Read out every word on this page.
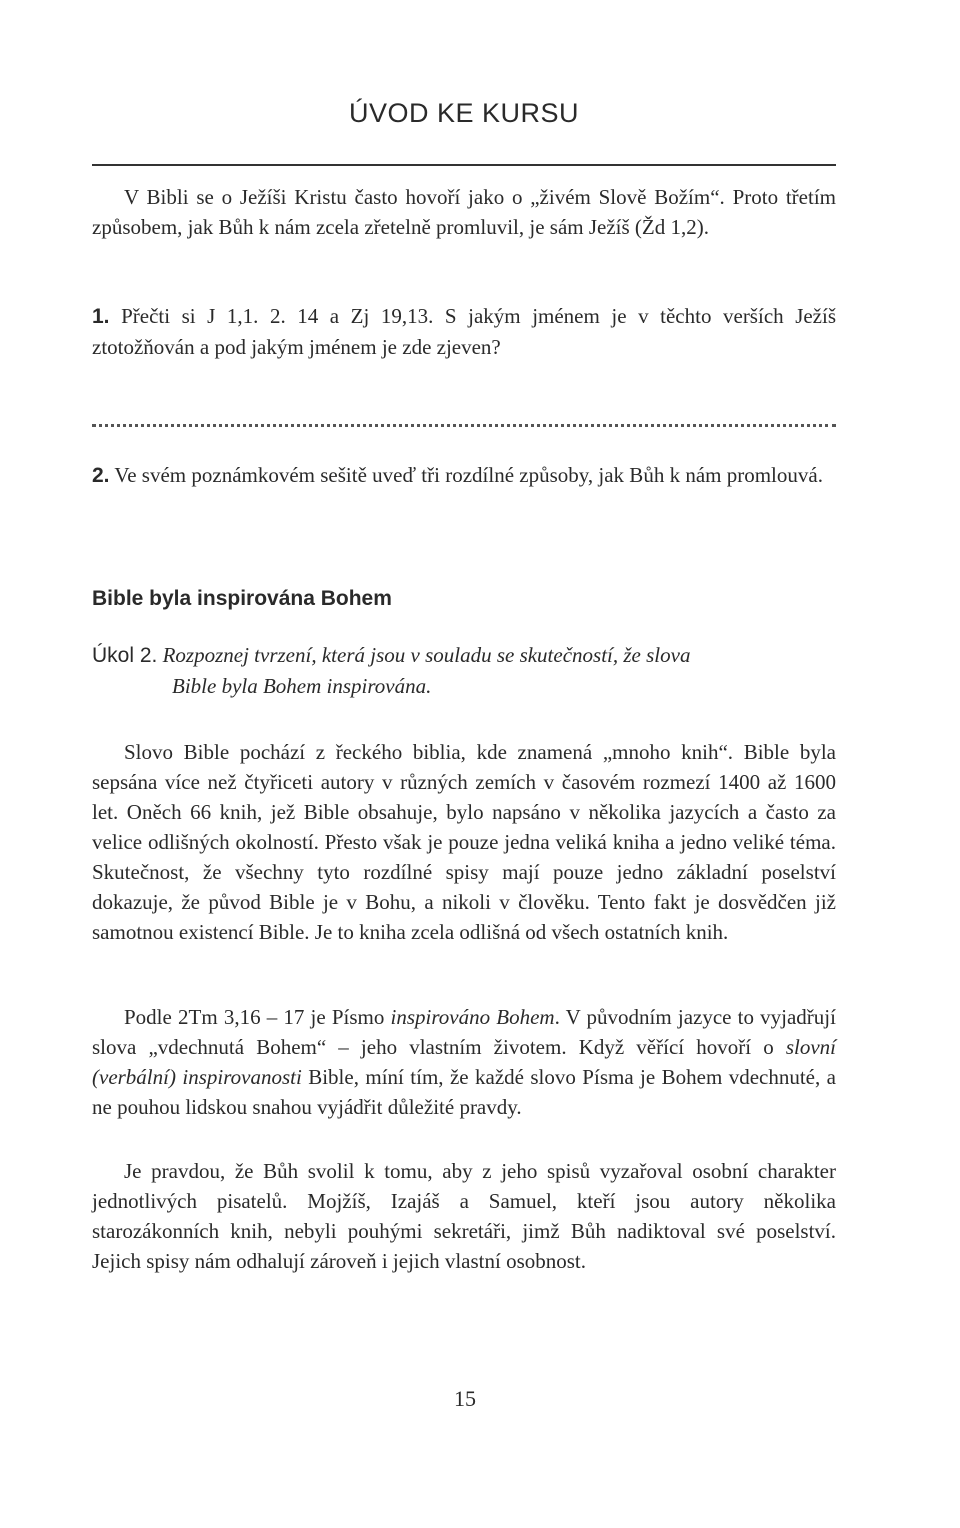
ÚVOD KE KURSU
V Bibli se o Ježíši Kristu často hovoří jako o „živém Slově Božím“. Proto třetím způsobem, jak Bůh k nám zcela zřetelně promluvil, je sám Ježíš (Žd 1,2).
1. Přečti si J 1,1. 2. 14 a Zj 19,13. S jakým jménem je v těchto verších Ježíš ztotožňován a pod jakým jménem je zde zjeven?
2. Ve svém poznámkovém sešitě uveď tři rozdílné způsoby, jak Bůh k nám promlouvá.
Bible byla inspirována Bohem
Úkol 2. Rozpoznej tvrzení, která jsou v souladu se skutečností, že slova
Bible byla Bohem inspirována.
Slovo Bible pochází z řeckého biblia, kde znamená „mnoho knih“. Bible byla sepsána více než čtyřiceti autory v různých zemích v časovém rozmezí 1400 až 1600 let. Oněch 66 knih, jež Bible obsahuje, bylo napsáno v několika jazycích a často za velice odlišných okolností. Přesto však je pouze jedna veliká kniha a jedno veliké téma. Skutečnost, že všechny tyto rozdílné spisy mají pouze jedno základní poselství dokazuje, že původ Bible je v Bohu, a nikoli v člověku. Tento fakt je dosvědčen již samotnou existencí Bible. Je to kniha zcela odlišná od všech ostatních knih.
Podle 2Tm 3,16 – 17 je Písmo inspirováno Bohem. V původním jazyce to vyjadřují slova „vdechnutá Bohem“ – jeho vlastním životem. Když věřící hovoří o slovní (verbální) inspirovanosti Bible, míní tím, že každé slovo Písma je Bohem vdechnuté, a ne pouhou lidskou snahou vyjádřit důležité pravdy.
Je pravdou, že Bůh svolil k tomu, aby z jeho spisů vyzařoval osobní charakter jednotlivých pisatelů. Mojžíš, Izajáš a Samuel, kteří jsou autory několika starozákonních knih, nebyli pouhými sekretáři, jimž Bůh nadiktoval své poselství. Jejich spisy nám odhalují zároveň i jejich vlastní osobnost.
15
